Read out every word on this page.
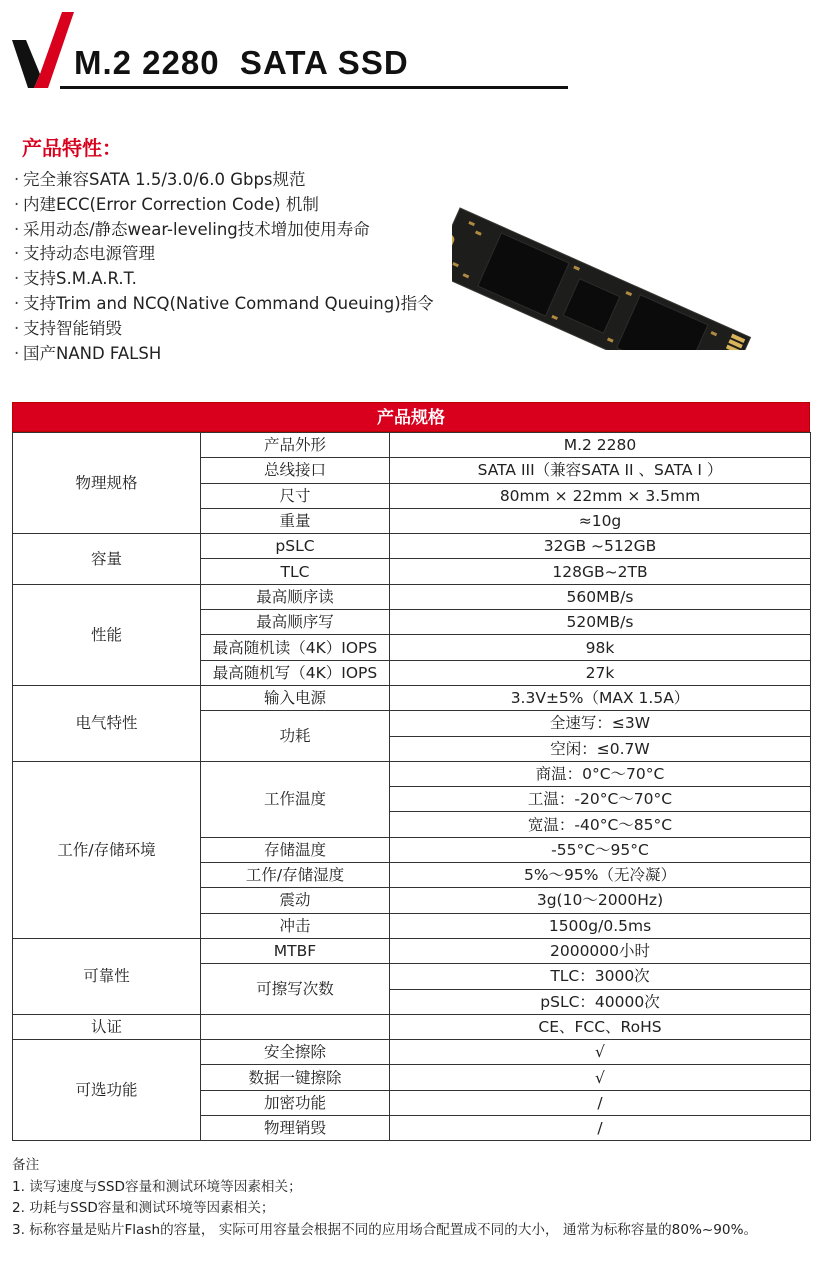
M.2 2280  SATA SSD
产品特性：
· 完全兼容SATA 1.5/3.0/6.0 Gbps规范
· 内建ECC(Error Correction Code) 机制
· 采用动态/静态wear-leveling技术增加使用寿命
· 支持动态电源管理
· 支持S.M.A.R.T.
· 支持Trim and NCQ(Native Command Queuing)指令
· 支持智能销毁
· 国产NAND FALSH
产品规格
物理规格	产品外形	M.2 2280
	总线接口	SATA III（兼容SATA II 、SATA I ）
	尺寸	80mm × 22mm × 3.5mm
	重量	≈10g
容量	pSLC	32GB ~512GB
	TLC	128GB~2TB
性能	最高顺序读	560MB/s
	最高顺序写	520MB/s
	最高随机读（4K）IOPS	98k
	最高随机写（4K）IOPS	27k
电气特性	输入电源	3.3V±5%（MAX 1.5A）
	功耗	全速写：≤3W
		空闲：≤0.7W
工作/存储环境	工作温度	商温：0°C～70°C
		工温：-20°C～70°C
		宽温：-40°C～85°C
	存储温度	-55°C～95°C
	工作/存储湿度	5%～95%（无冷凝）
	震动	3g(10～2000Hz)
	冲击	1500g/0.5ms
可靠性	MTBF	2000000小时
	可擦写次数	TLC：3000次
		pSLC：40000次
认证		CE、FCC、RoHS
可选功能	安全擦除	√
	数据一键擦除	√
	加密功能	/
	物理销毁	/
备注
1. 读写速度与SSD容量和测试环境等因素相关；
2. 功耗与SSD容量和测试环境等因素相关；
3. 标称容量是贴片Flash的容量， 实际可用容量会根据不同的应用场合配置成不同的大小， 通常为标称容量的80%~90%。
